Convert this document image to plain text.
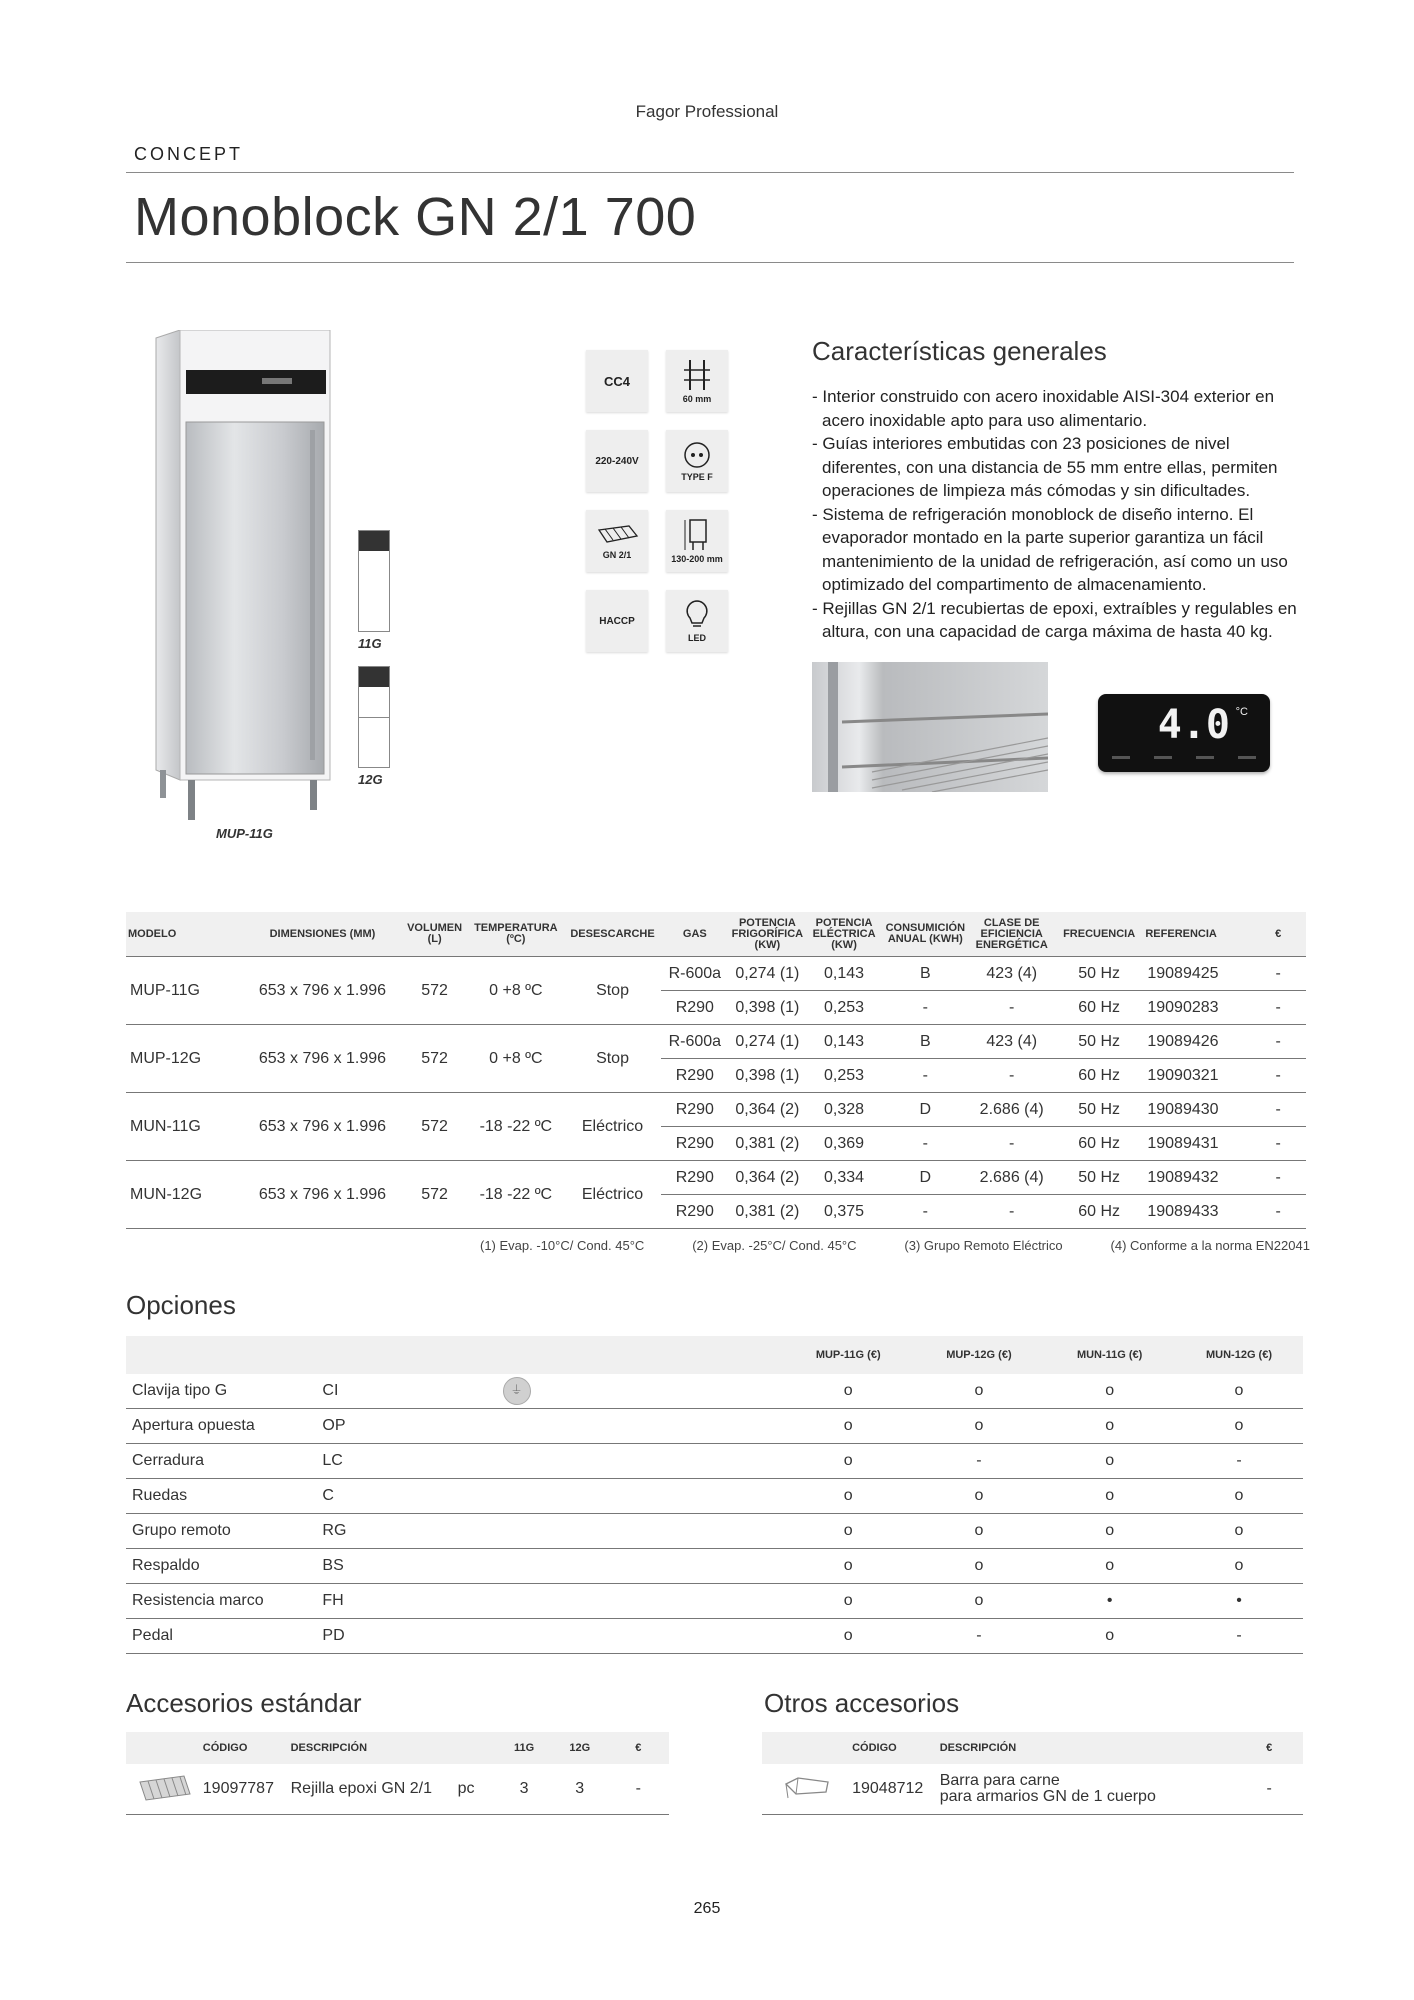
Fagor Professional
CONCEPT
Monoblock GN 2/1 700
11G
12G
MUP-11G
CC4
60 mm
220-240V
TYPE F
GN 2/1	130-200 mm
HACCP
LED
Características generales
- Interior construido con acero inoxidable AISI-304 exterior en acero inoxidable apto para uso alimentario.
- Guías interiores embutidas con 23 posiciones de nivel diferentes, con una distancia de 55 mm entre ellas, permiten operaciones de limpieza más cómodas y sin dificultades.
- Sistema de refrigeración monoblock de diseño interno. El evaporador montado en la parte superior garantiza un fácil mantenimiento de la unidad de refrigeración, así como un uso optimizado del compartimento de almacenamiento.
- Rejillas GN 2/1 recubiertas de epoxi, extraíbles y regulables en altura, con una capacidad de carga máxima de hasta 40 kg.
4.0 °C
MODELO	DIMENSIONES (MM)	VOLUMEN (L)	TEMPERATURA (ºC)	DESESCARCHE	GAS	POTENCIA FRIGORÍFICA (KW)	POTENCIA ELÉCTRICA (KW)	CONSUMICIÓN ANUAL (KWH)	CLASE DE EFICIENCIA ENERGÉTICA	FRECUENCIA	REFERENCIA	€
MUP-11G	653 x 796 x 1.996	572	0 +8 ºC	Stop	R-600a	0,274 (1)	0,143	B	423 (4)	50 Hz	19089425	-
					R290	0,398 (1)	0,253	-	-	60 Hz	19090283	-
MUP-12G	653 x 796 x 1.996	572	0 +8 ºC	Stop	R-600a	0,274 (1)	0,143	B	423 (4)	50 Hz	19089426	-
					R290	0,398 (1)	0,253	-	-	60 Hz	19090321	-
MUN-11G	653 x 796 x 1.996	572	-18 -22 ºC	Eléctrico	R290	0,364 (2)	0,328	D	2.686 (4)	50 Hz	19089430	-
					R290	0,381 (2)	0,369	-	-	60 Hz	19089431	-
MUN-12G	653 x 796 x 1.996	572	-18 -22 ºC	Eléctrico	R290	0,364 (2)	0,334	D	2.686 (4)	50 Hz	19089432	-
					R290	0,381 (2)	0,375	-	-	60 Hz	19089433	-
(1) Evap. -10°C/ Cond. 45°C	(2) Evap. -25°C/ Cond. 45°C	(3) Grupo Remoto Eléctrico	(4) Conforme a la norma EN22041
Opciones
			MUP-11G (€)	MUP-12G (€)	MUN-11G (€)	MUN-12G (€)
Clavija tipo G	CI	⏚	o	o	o	o
Apertura opuesta	OP		o	o	o	o
Cerradura	LC		o	-	o	-
Ruedas	C		o	o	o	o
Grupo remoto	RG		o	o	o	o
Respaldo	BS		o	o	o	o
Resistencia marco	FH		o	o	•	•
Pedal	PD		o	-	o	-
Accesorios estándar
	CÓDIGO	DESCRIPCIÓN		11G	12G	€
	19097787	Rejilla epoxi GN 2/1	pc	3	3	-
Otros accesorios
	CÓDIGO	DESCRIPCIÓN	€
	19048712	Barra para carne
para armarios GN de 1 cuerpo	-
265
